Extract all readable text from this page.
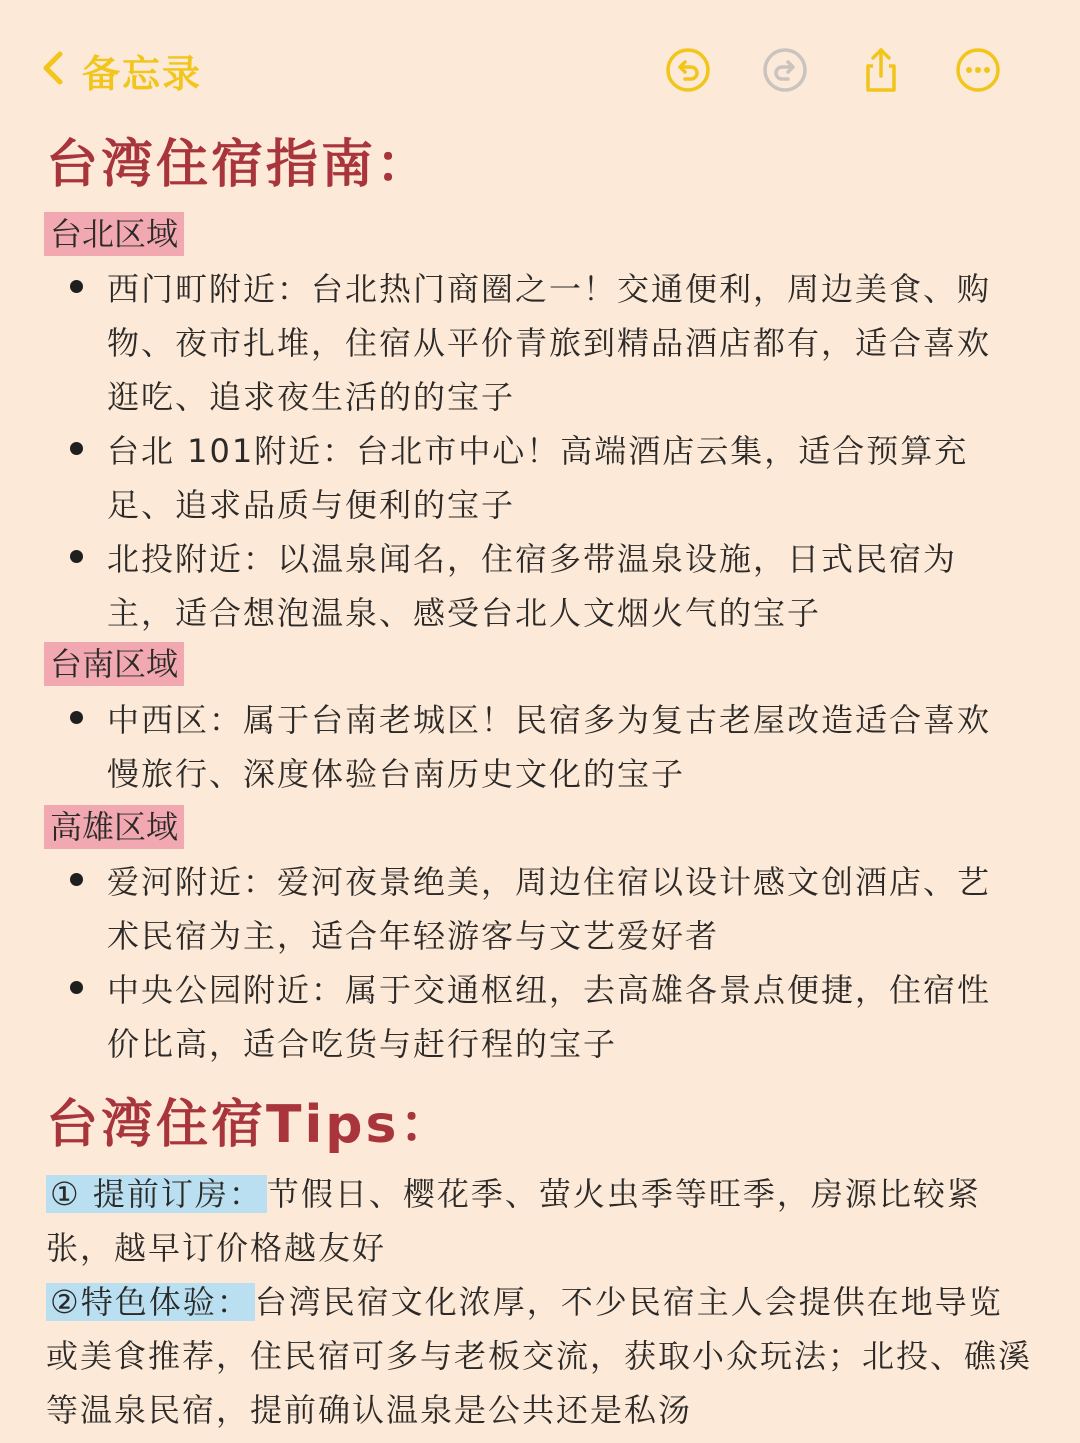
备忘录
台湾住宿指南：
台北区域
西门町附近：台北热门商圈之一！交通便利，周边美食、购物、夜市扎堆，住宿从平价青旅到精品酒店都有，适合喜欢逛吃、追求夜生活的的宝子
台北 101附近：台北市中心！高端酒店云集，适合预算充足、追求品质与便利的宝子
北投附近：以温泉闻名，住宿多带温泉设施，日式民宿为主，适合想泡温泉、感受台北人文烟火气的宝子
台南区域
中西区：属于台南老城区！民宿多为复古老屋改造适合喜欢慢旅行、深度体验台南历史文化的宝子
高雄区域
爱河附近：爱河夜景绝美，周边住宿以设计感文创酒店、艺术民宿为主，适合年轻游客与文艺爱好者
中央公园附近：属于交通枢纽，去高雄各景点便捷，住宿性价比高，适合吃货与赶行程的宝子
台湾住宿Tips：
① 提前订房： 节假日、樱花季、萤火虫季等旺季，房源比较紧张，越早订价格越友好
②特色体验： 台湾民宿文化浓厚，不少民宿主人会提供在地导览或美食推荐，住民宿可多与老板交流，获取小众玩法；北投、礁溪等温泉民宿，提前确认温泉是公共还是私汤
